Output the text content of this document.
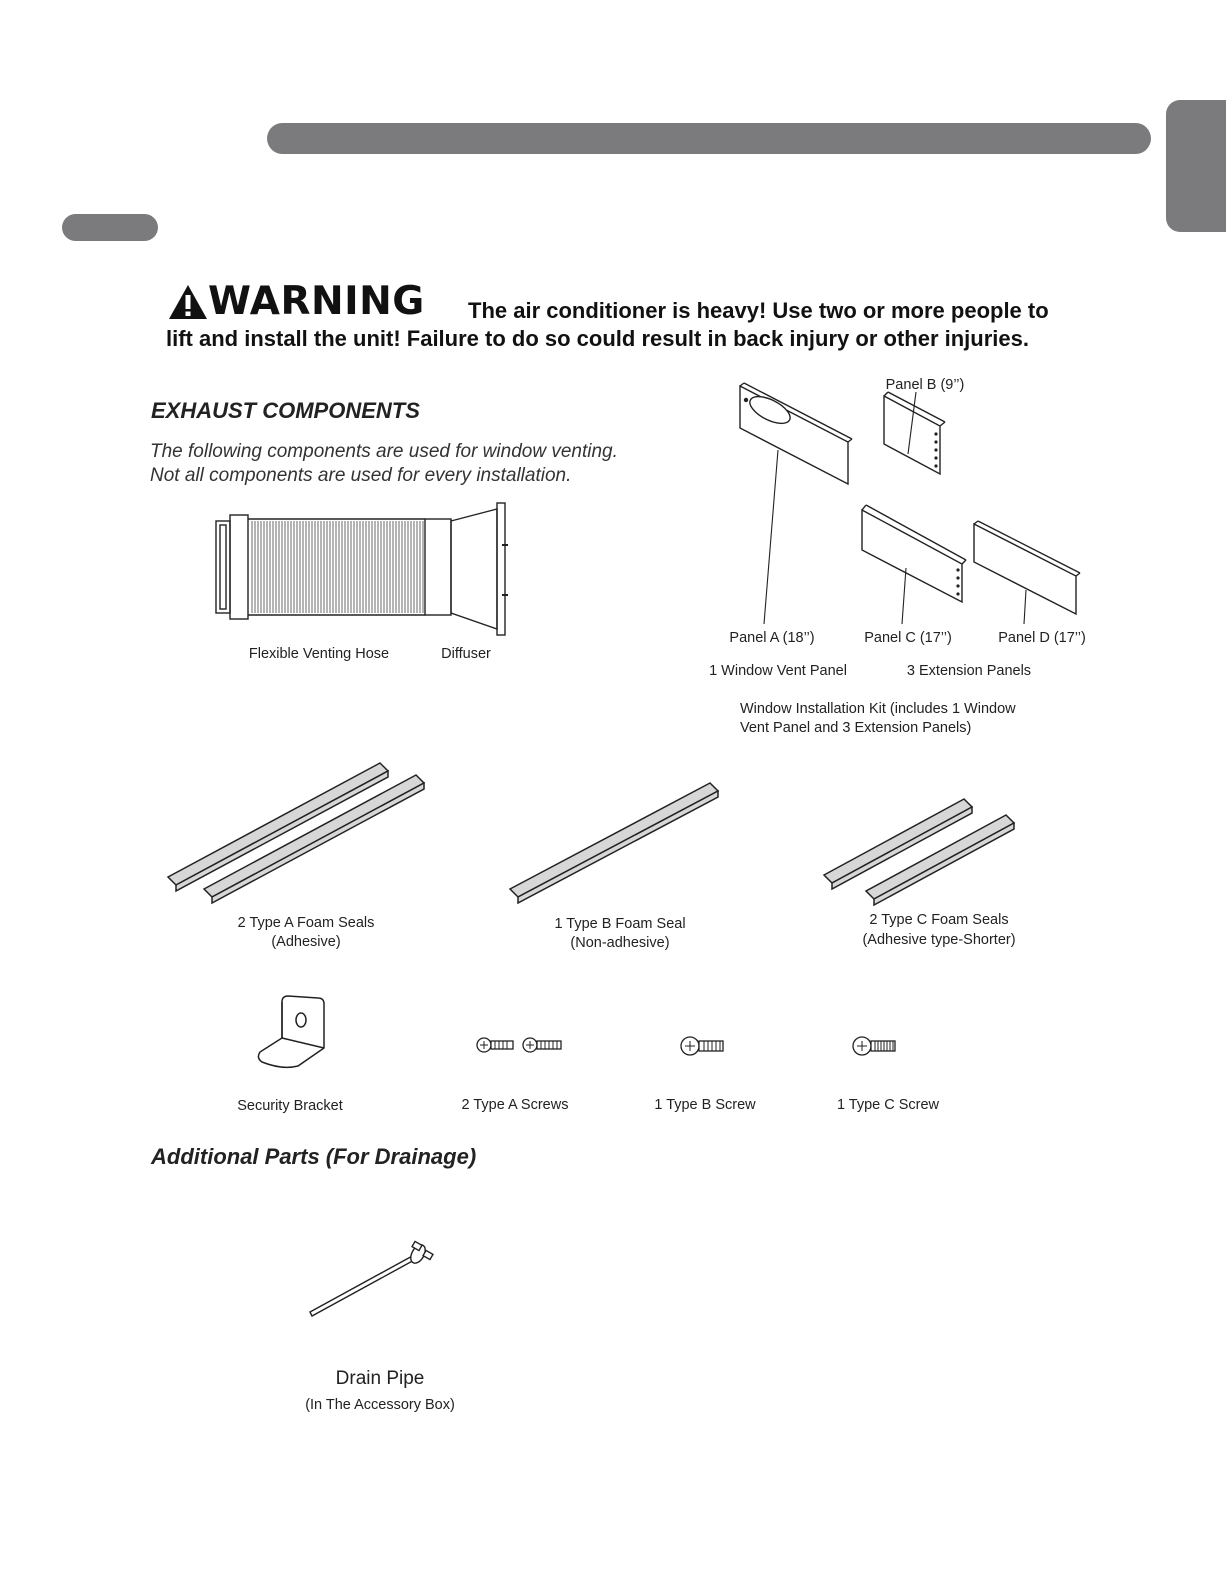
WARNING The air conditioner is heavy! Use two or more people to
lift and install the unit! Failure to do so could result in back injury or other injuries.
EXHAUST COMPONENTS
The following components are used for window venting.
Not all components are used for every installation.
Flexible Venting Hose	Diffuser
Panel B (9’’)
Panel A (18’’)	Panel C (17’’)	Panel D (17’’)
1 Window Vent Panel	3 Extension Panels
Window Installation Kit (includes 1 Window
Vent Panel and 3 Extension Panels)
2 Type A Foam Seals
(Adhesive)
1 Type B Foam Seal
(Non-adhesive)
2 Type C Foam Seals
(Adhesive type-Shorter)
Security Bracket	2 Type A Screws	1 Type B Screw	1 Type C Screw
Additional Parts (For Drainage)
Drain Pipe
(In The Accessory Box)
